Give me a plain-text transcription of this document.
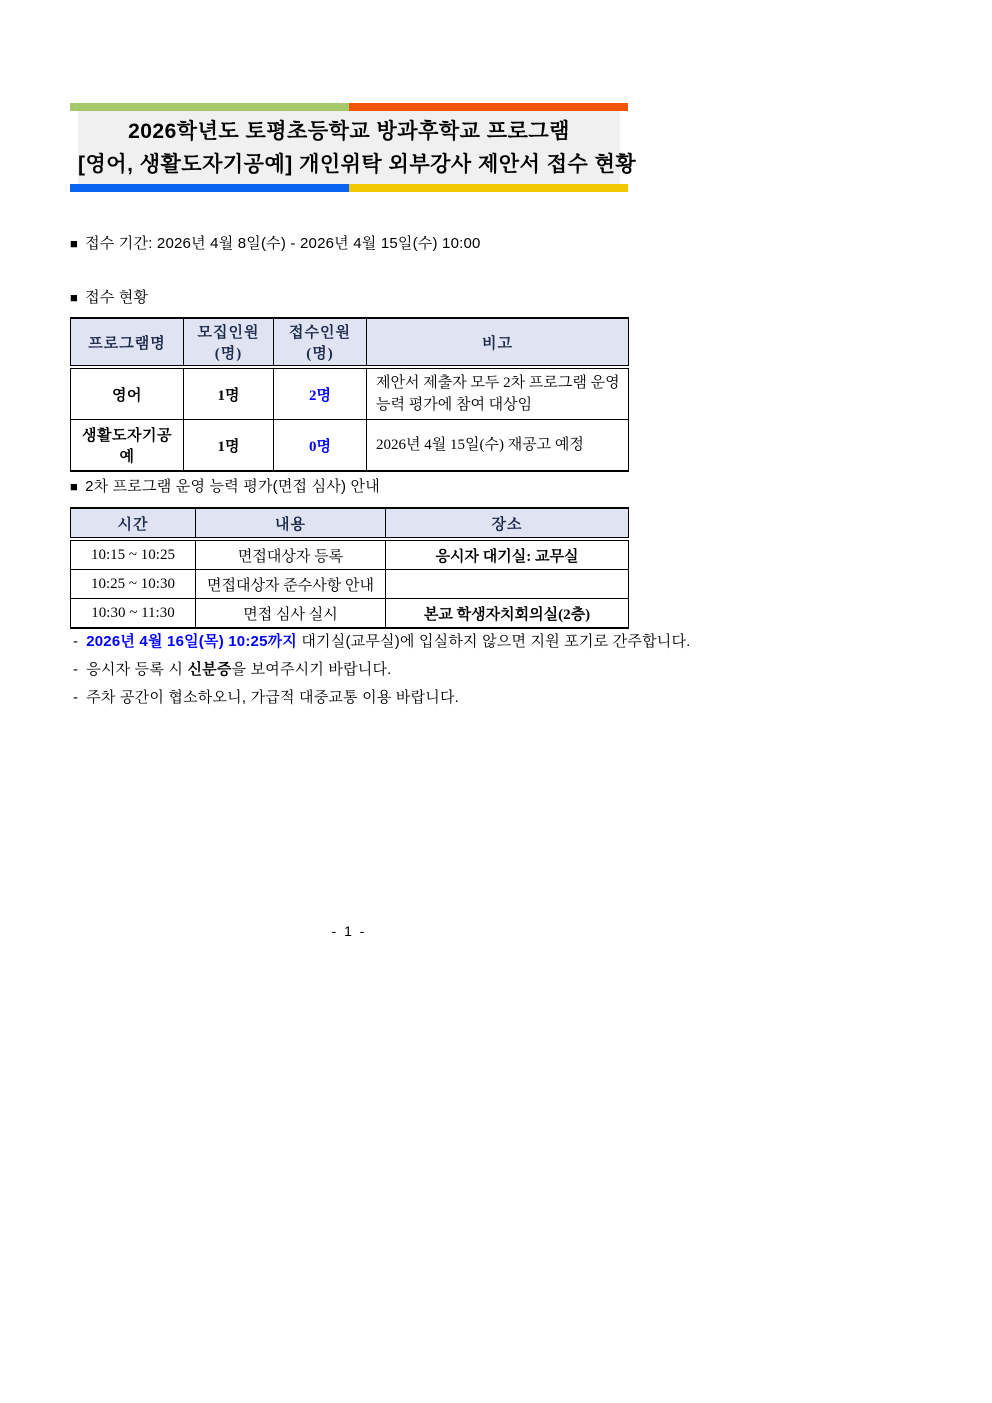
2026학년도 토평초등학교 방과후학교 프로그램
[영어, 생활도자기공예] 개인위탁 외부강사 제안서 접수 현황
■ 접수 기간: 2026년 4월 8일(수) - 2026년 4월 15일(수) 10:00
■ 접수 현황
프로그램명	모집인원(명)	접수인원(명)	비고
영어	1명	2명	제안서 제출자 모두 2차 프로그램 운영 능력 평가에 참여 대상임
생활도자기공예	1명	0명	2026년 4월 15일(수) 재공고 예정
■ 2차 프로그램 운영 능력 평가(면접 심사) 안내
시간	내용	장소
10:15 ~ 10:25	면접대상자 등록	응시자 대기실: 교무실
10:25 ~ 10:30	면접대상자 준수사항 안내	
10:30 ~ 11:30	면접 심사 실시	본교 학생자치회의실(2층)
- 2026년 4월 16일(목) 10:25까지 대기실(교무실)에 입실하지 않으면 지원 포기로 간주합니다.
- 응시자 등록 시 신분증을 보여주시기 바랍니다.
- 주차 공간이 협소하오니, 가급적 대중교통 이용 바랍니다.
- 1 -
